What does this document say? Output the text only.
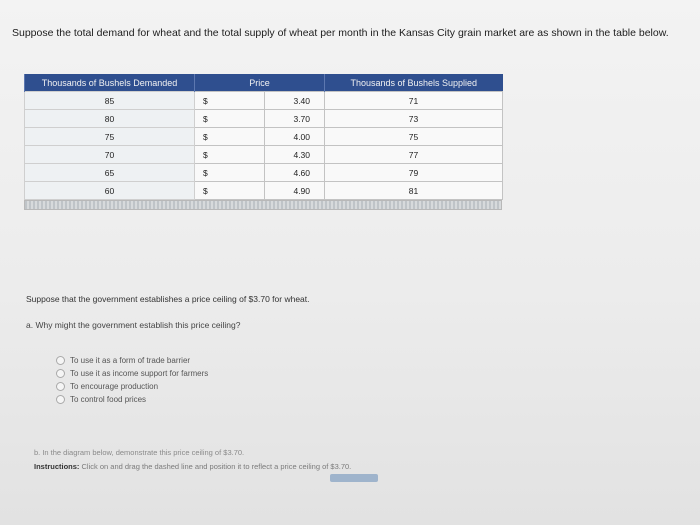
Suppose the total demand for wheat and the total supply of wheat per month in the Kansas City grain market are as shown in the table below.
Thousands of Bushels Demanded	Price		Thousands of Bushels Supplied
85	$	3.40	71
80	$	3.70	73
75	$	4.00	75
70	$	4.30	77
65	$	4.60	79
60	$	4.90	81
Suppose that the government establishes a price ceiling of $3.70 for wheat.
a. Why might the government establish this price ceiling?
To use it as a form of trade barrier
To use it as income support for farmers
To encourage production
To control food prices
b. In the diagram below, demonstrate this price ceiling of $3.70.
Instructions: Click on and drag the dashed line and position it to reflect a price ceiling of $3.70.
